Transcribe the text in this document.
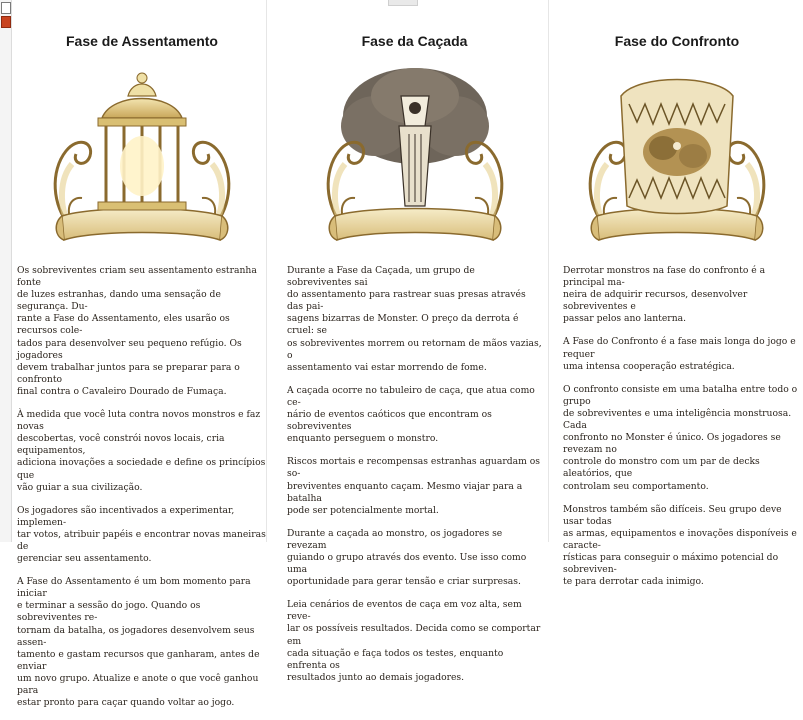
Fase de Assentamento

Os sobreviventes criam seu assentamento estranha fonte
de luzes estranhas, dando uma sensação de segurança. Du-
rante a Fase do Assentamento, eles usarão os recursos cole-
tados para desenvolver seu pequeno refúgio. Os jogadores
devem trabalhar juntos para se preparar para o confronto
final contra o Cavaleiro Dourado de Fumaça.

À medida que você luta contra novos monstros e faz novas
descobertas, você constrói novos locais, cria equipamentos,
adiciona inovações a sociedade e define os princípios que
vão guiar a sua civilização.

Os jogadores são incentivados a experimentar, implemen-
tar votos, atribuir papéis e encontrar novas maneiras de
gerenciar seu assentamento.

A Fase do Assentamento é um bom momento para iniciar
e terminar a sessão do jogo. Quando os sobreviventes re-
tornam da batalha, os jogadores desenvolvem seus assen-
tamento e gastam recursos que ganharam, antes de enviar
um novo grupo. Atualize e anote o que você ganhou para
estar pronto para caçar quando voltar ao jogo.

Fase da Caçada

Durante a Fase da Caçada, um grupo de sobreviventes sai
do assentamento para rastrear suas presas através das pai-
sagens bizarras de Monster. O preço da derrota é cruel: se
os sobreviventes morrem ou retornam de mãos vazias, o
assentamento vai estar morrendo de fome.

A caçada ocorre no tabuleiro de caça, que atua como ce-
nário de eventos caóticos que encontram os sobreviventes
enquanto perseguem o monstro.

Riscos mortais e recompensas estranhas aguardam os so-
breviventes enquanto caçam. Mesmo viajar para a batalha
pode ser potencialmente mortal.

Durante a caçada ao monstro, os jogadores se revezam
guiando o grupo através dos evento. Use isso como uma
oportunidade para gerar tensão e criar surpresas.

Leia cenários de eventos de caça em voz alta, sem reve-
lar os possíveis resultados. Decida como se comportar em
cada situação e faça todos os testes, enquanto enfrenta os
resultados junto ao demais jogadores.

Fase do Confronto

Derrotar monstros na fase do confronto é a principal ma-
neira de adquirir recursos, desenvolver sobreviventes e
passar pelos ano lanterna.

A Fase do Confronto é a fase mais longa do jogo e requer
uma intensa cooperação estratégica.

O confronto consiste em uma batalha entre todo o grupo
de sobreviventes e uma inteligência monstruosa. Cada
confronto no Monster é único. Os jogadores se revezam no
controle do monstro com um par de decks aleatórios, que
controlam seu comportamento.

Monstros também são difíceis. Seu grupo deve usar todas
as armas, equipamentos e inovações disponíveis e caracte-
rísticas para conseguir o máximo potencial do sobreviven-
te para derrotar cada inimigo.
